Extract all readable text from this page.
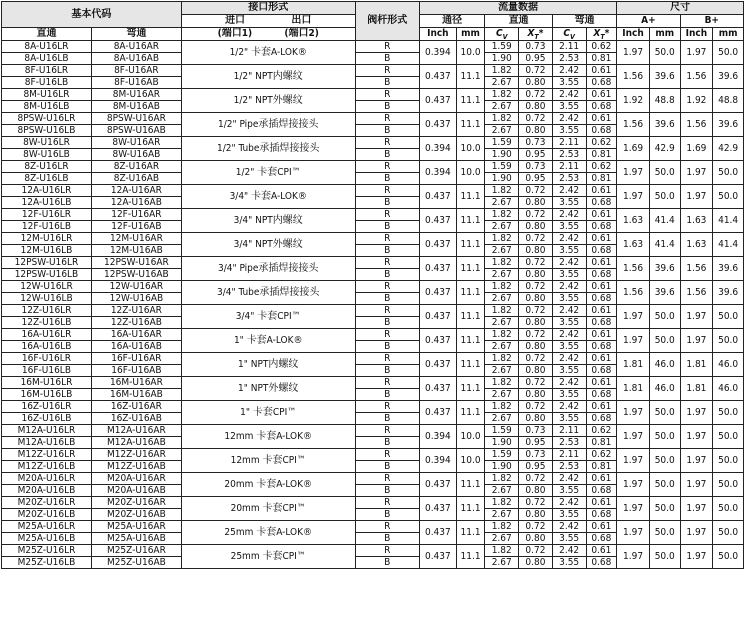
基本代码		接口形式	阀杆形式	流量数据						尺寸			
		进口 出口		通径		直通		弯通		A+		B+	
直通	弯通	(端口1) (端口2)		Inch	mm	$C_V$	$X_T*$	$C_V$	$X_T*$	Inch	mm	Inch	mm
8A-U16LR	8A-U16AR	1/2" 卡套A-LOK®	R	0.394	10.0	1.59	0.73	2.11	0.62	1.97	50.0	1.97	50.0
8A-U16LB	8A-U16AB		B			1.90	0.95	2.53	0.81				
8F-U16LR	8F-U16AR	1/2" NPT内螺纹	R	0.437	11.1	1.82	0.72	2.42	0.61	1.56	39.6	1.56	39.6
8F-U16LB	8F-U16AB		B			2.67	0.80	3.55	0.68				
8M-U16LR	8M-U16AR	1/2" NPT外螺纹	R	0.437	11.1	1.82	0.72	2.42	0.61	1.92	48.8	1.92	48.8
8M-U16LB	8M-U16AB		B			2.67	0.80	3.55	0.68				
8PSW-U16LR	8PSW-U16AR	1/2" Pipe承插焊接接头	R	0.437	11.1	1.82	0.72	2.42	0.61	1.56	39.6	1.56	39.6
8PSW-U16LB	8PSW-U16AB		B			2.67	0.80	3.55	0.68				
8W-U16LR	8W-U16AR	1/2" Tube承插焊接接头	R	0.394	10.0	1.59	0.73	2.11	0.62	1.69	42.9	1.69	42.9
8W-U16LB	8W-U16AB		B			1.90	0.95	2.53	0.81				
8Z-U16LR	8Z-U16AR	1/2" 卡套CPI™	R	0.394	10.0	1.59	0.73	2.11	0.62	1.97	50.0	1.97	50.0
8Z-U16LB	8Z-U16AB		B			1.90	0.95	2.53	0.81				
12A-U16LR	12A-U16AR	3/4" 卡套A-LOK®	R	0.437	11.1	1.82	0.72	2.42	0.61	1.97	50.0	1.97	50.0
12A-U16LB	12A-U16AB		B			2.67	0.80	3.55	0.68				
12F-U16LR	12F-U16AR	3/4" NPT内螺纹	R	0.437	11.1	1.82	0.72	2.42	0.61	1.63	41.4	1.63	41.4
12F-U16LB	12F-U16AB		B			2.67	0.80	3.55	0.68				
12M-U16LR	12M-U16AR	3/4" NPT外螺纹	R	0.437	11.1	1.82	0.72	2.42	0.61	1.63	41.4	1.63	41.4
12M-U16LB	12M-U16AB		B			2.67	0.80	3.55	0.68				
12PSW-U16LR	12PSW-U16AR	3/4" Pipe承插焊接接头	R	0.437	11.1	1.82	0.72	2.42	0.61	1.56	39.6	1.56	39.6
12PSW-U16LB	12PSW-U16AB		B			2.67	0.80	3.55	0.68				
12W-U16LR	12W-U16AR	3/4" Tube承插焊接接头	R	0.437	11.1	1.82	0.72	2.42	0.61	1.56	39.6	1.56	39.6
12W-U16LB	12W-U16AB		B			2.67	0.80	3.55	0.68				
12Z-U16LR	12Z-U16AR	3/4" 卡套CPI™	R	0.437	11.1	1.82	0.72	2.42	0.61	1.97	50.0	1.97	50.0
12Z-U16LB	12Z-U16AB		B			2.67	0.80	3.55	0.68				
16A-U16LR	16A-U16AR	1" 卡套A-LOK®	R	0.437	11.1	1.82	0.72	2.42	0.61	1.97	50.0	1.97	50.0
16A-U16LB	16A-U16AB		B			2.67	0.80	3.55	0.68				
16F-U16LR	16F-U16AR	1" NPT内螺纹	R	0.437	11.1	1.82	0.72	2.42	0.61	1.81	46.0	1.81	46.0
16F-U16LB	16F-U16AB		B			2.67	0.80	3.55	0.68				
16M-U16LR	16M-U16AR	1" NPT外螺纹	R	0.437	11.1	1.82	0.72	2.42	0.61	1.81	46.0	1.81	46.0
16M-U16LB	16M-U16AB		B			2.67	0.80	3.55	0.68				
16Z-U16LR	16Z-U16AR	1" 卡套CPI™	R	0.437	11.1	1.82	0.72	2.42	0.61	1.97	50.0	1.97	50.0
16Z-U16LB	16Z-U16AB		B			2.67	0.80	3.55	0.68				
M12A-U16LR	M12A-U16AR	12mm 卡套A-LOK®	R	0.394	10.0	1.59	0.73	2.11	0.62	1.97	50.0	1.97	50.0
M12A-U16LB	M12A-U16AB		B			1.90	0.95	2.53	0.81				
M12Z-U16LR	M12Z-U16AR	12mm 卡套CPI™	R	0.394	10.0	1.59	0.73	2.11	0.62	1.97	50.0	1.97	50.0
M12Z-U16LB	M12Z-U16AB		B			1.90	0.95	2.53	0.81				
M20A-U16LR	M20A-U16AR	20mm 卡套A-LOK®	R	0.437	11.1	1.82	0.72	2.42	0.61	1.97	50.0	1.97	50.0
M20A-U16LB	M20A-U16AB		B			2.67	0.80	3.55	0.68				
M20Z-U16LR	M20Z-U16AR	20mm 卡套CPI™	R	0.437	11.1	1.82	0.72	2.42	0.61	1.97	50.0	1.97	50.0
M20Z-U16LB	M20Z-U16AB		B			2.67	0.80	3.55	0.68				
M25A-U16LR	M25A-U16AR	25mm 卡套A-LOK®	R	0.437	11.1	1.82	0.72	2.42	0.61	1.97	50.0	1.97	50.0
M25A-U16LB	M25A-U16AB		B			2.67	0.80	3.55	0.68				
M25Z-U16LR	M25Z-U16AR	25mm 卡套CPI™	R	0.437	11.1	1.82	0.72	2.42	0.61	1.97	50.0	1.97	50.0
M25Z-U16LB	M25Z-U16AB		B			2.67	0.80	3.55	0.68				
